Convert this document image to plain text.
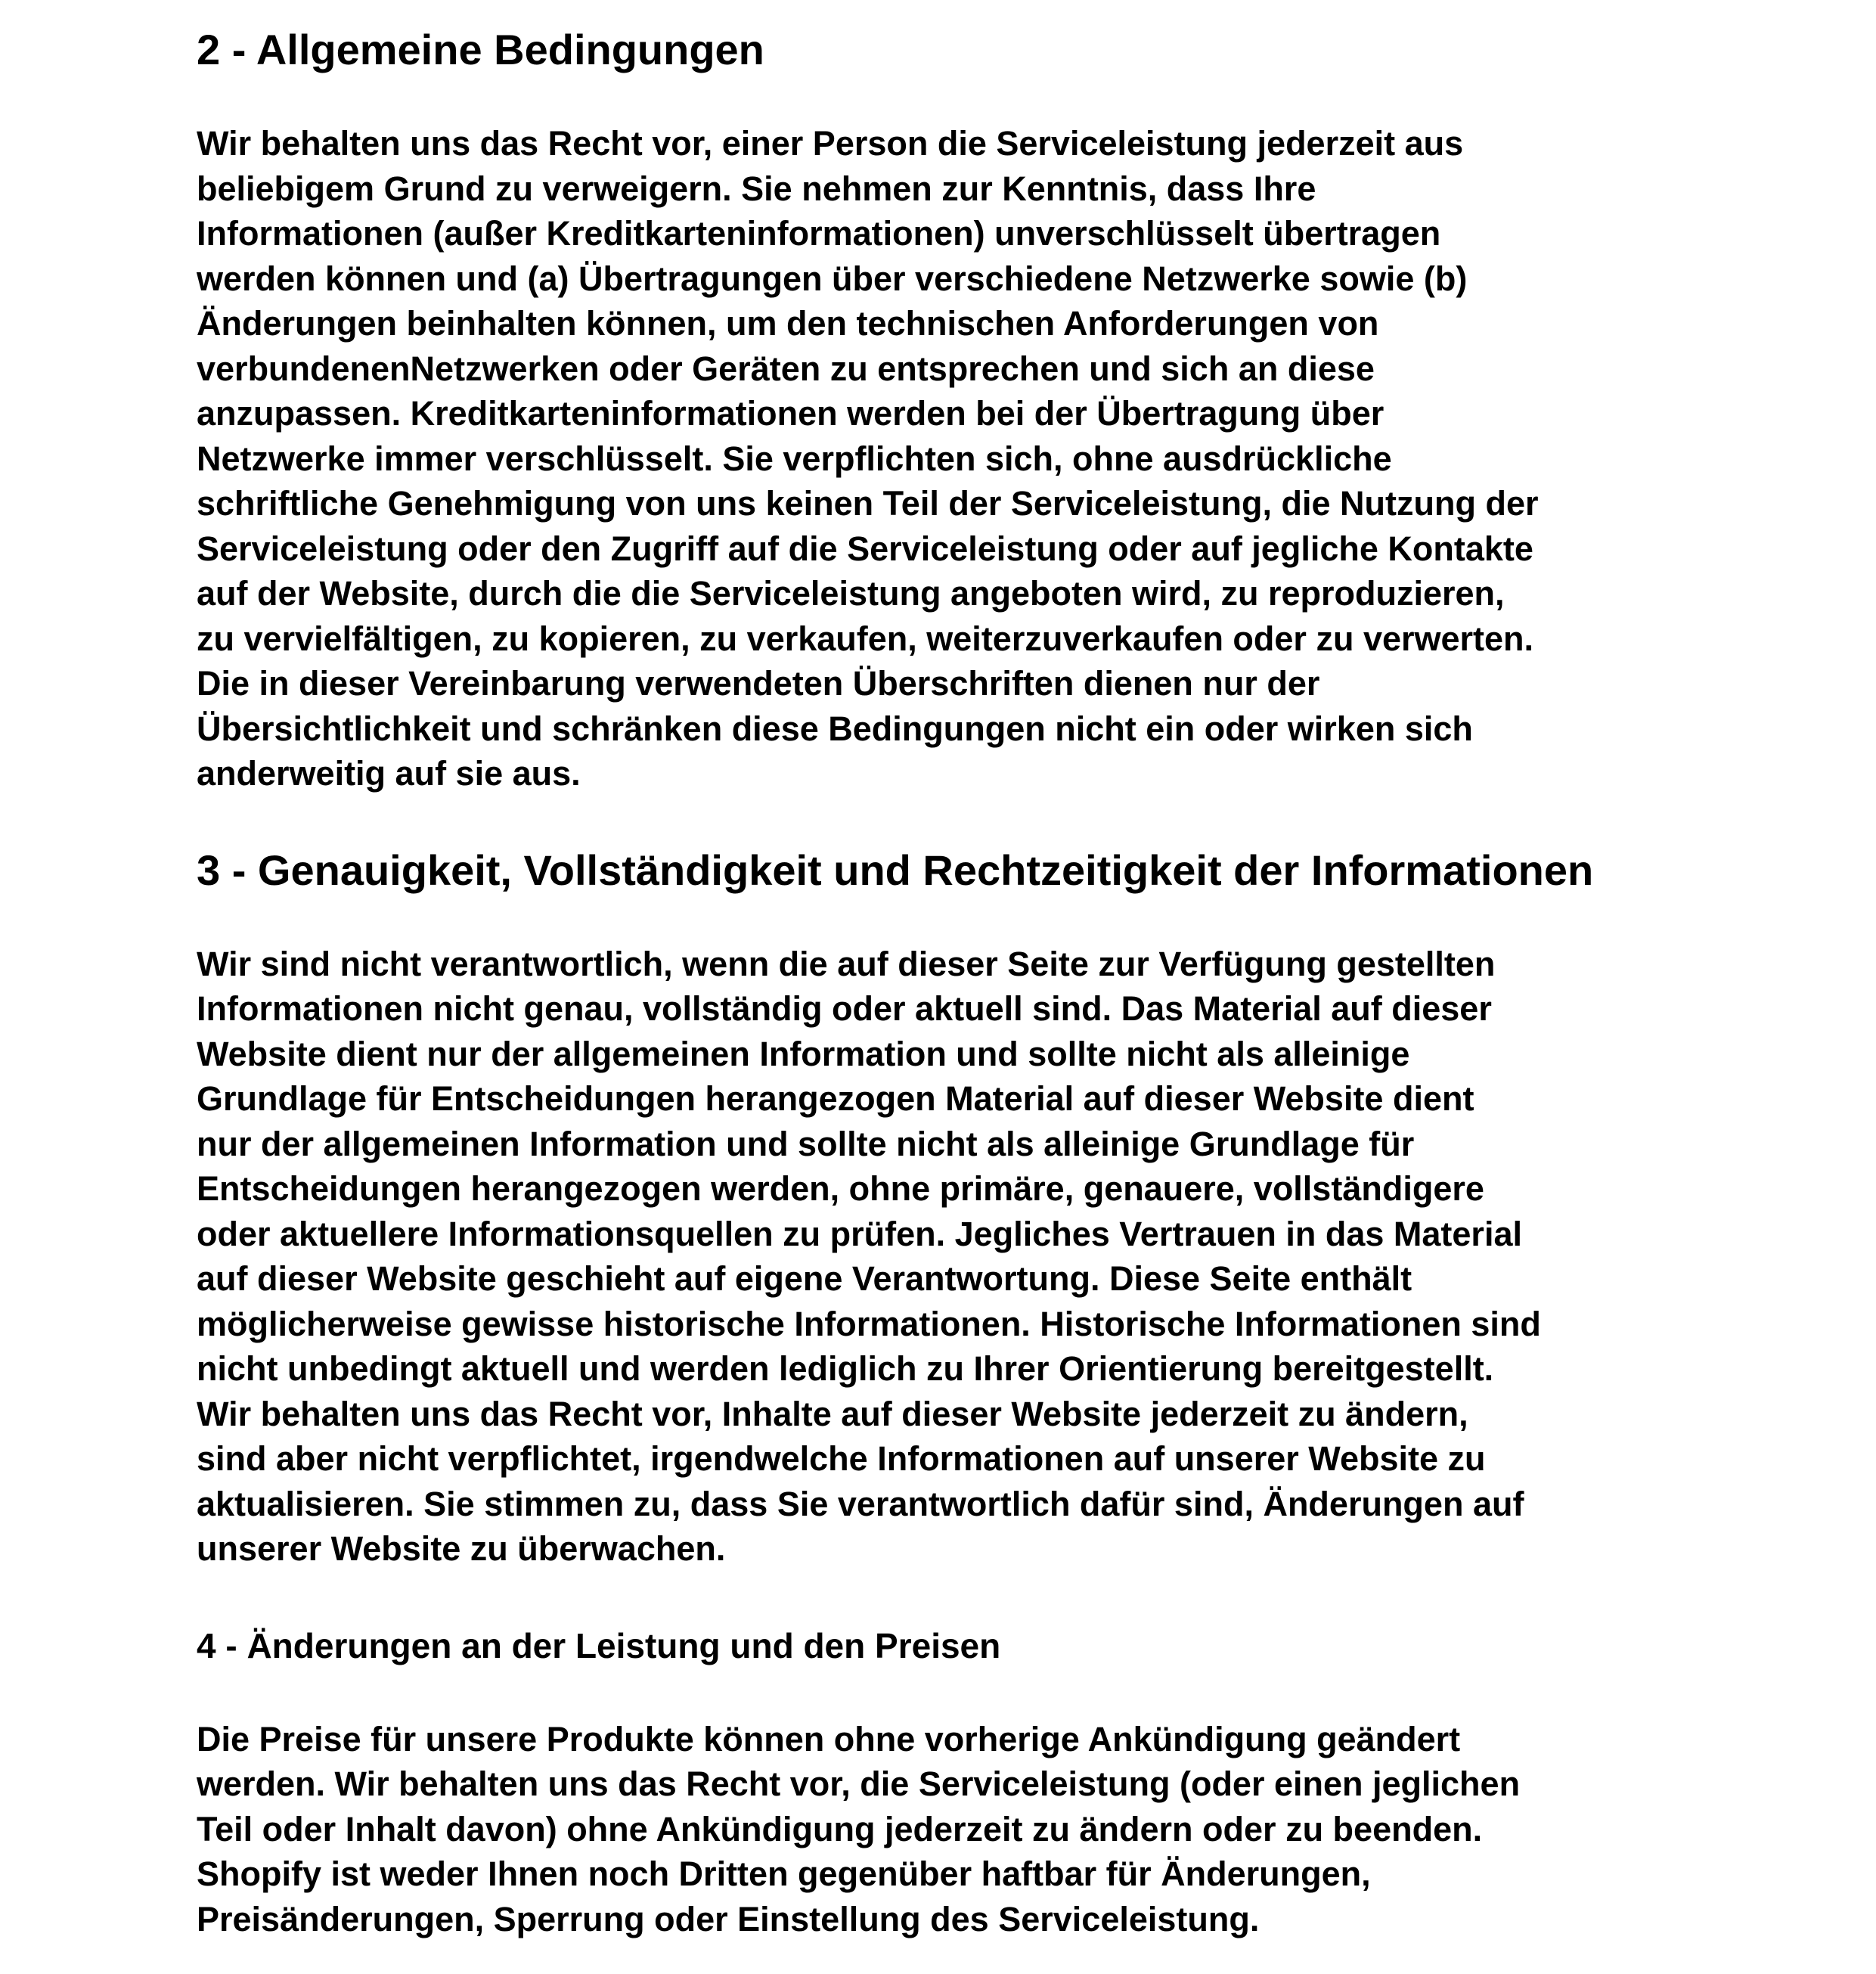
2 - Allgemeine Bedingungen

Wir behalten uns das Recht vor, einer Person die Serviceleistung jederzeit aus
beliebigem Grund zu verweigern. Sie nehmen zur Kenntnis, dass Ihre
Informationen (außer Kreditkarteninformationen) unverschlüsselt übertragen
werden können und (a) Übertragungen über verschiedene Netzwerke sowie (b)
Änderungen beinhalten können, um den technischen Anforderungen von
verbundenenNetzwerken oder Geräten zu entsprechen und sich an diese
anzupassen. Kreditkarteninformationen werden bei der Übertragung über
Netzwerke immer verschlüsselt. Sie verpflichten sich, ohne ausdrückliche
schriftliche Genehmigung von uns keinen Teil der Serviceleistung, die Nutzung der
Serviceleistung oder den Zugriff auf die Serviceleistung oder auf jegliche Kontakte
auf der Website, durch die die Serviceleistung angeboten wird, zu reproduzieren,
zu vervielfältigen, zu kopieren, zu verkaufen, weiterzuverkaufen oder zu verwerten.
Die in dieser Vereinbarung verwendeten Überschriften dienen nur der
Übersichtlichkeit und schränken diese Bedingungen nicht ein oder wirken sich
anderweitig auf sie aus.

3 - Genauigkeit, Vollständigkeit und Rechtzeitigkeit der Informationen

Wir sind nicht verantwortlich, wenn die auf dieser Seite zur Verfügung gestellten
Informationen nicht genau, vollständig oder aktuell sind. Das Material auf dieser
Website dient nur der allgemeinen Information und sollte nicht als alleinige
Grundlage für Entscheidungen herangezogen Material auf dieser Website dient
nur der allgemeinen Information und sollte nicht als alleinige Grundlage für
Entscheidungen herangezogen werden, ohne primäre, genauere, vollständigere
oder aktuellere Informationsquellen zu prüfen. Jegliches Vertrauen in das Material
auf dieser Website geschieht auf eigene Verantwortung. Diese Seite enthält
möglicherweise gewisse historische Informationen. Historische Informationen sind
nicht unbedingt aktuell und werden lediglich zu Ihrer Orientierung bereitgestellt.
Wir behalten uns das Recht vor, Inhalte auf dieser Website jederzeit zu ändern,
sind aber nicht verpflichtet, irgendwelche Informationen auf unserer Website zu
aktualisieren. Sie stimmen zu, dass Sie verantwortlich dafür sind, Änderungen auf
unserer Website zu überwachen.

4 - Änderungen an der Leistung und den Preisen

Die Preise für unsere Produkte können ohne vorherige Ankündigung geändert
werden. Wir behalten uns das Recht vor, die Serviceleistung (oder einen jeglichen
Teil oder Inhalt davon) ohne Ankündigung jederzeit zu ändern oder zu beenden.
Shopify ist weder Ihnen noch Dritten gegenüber haftbar für Änderungen,
Preisänderungen, Sperrung oder Einstellung des Serviceleistung.
